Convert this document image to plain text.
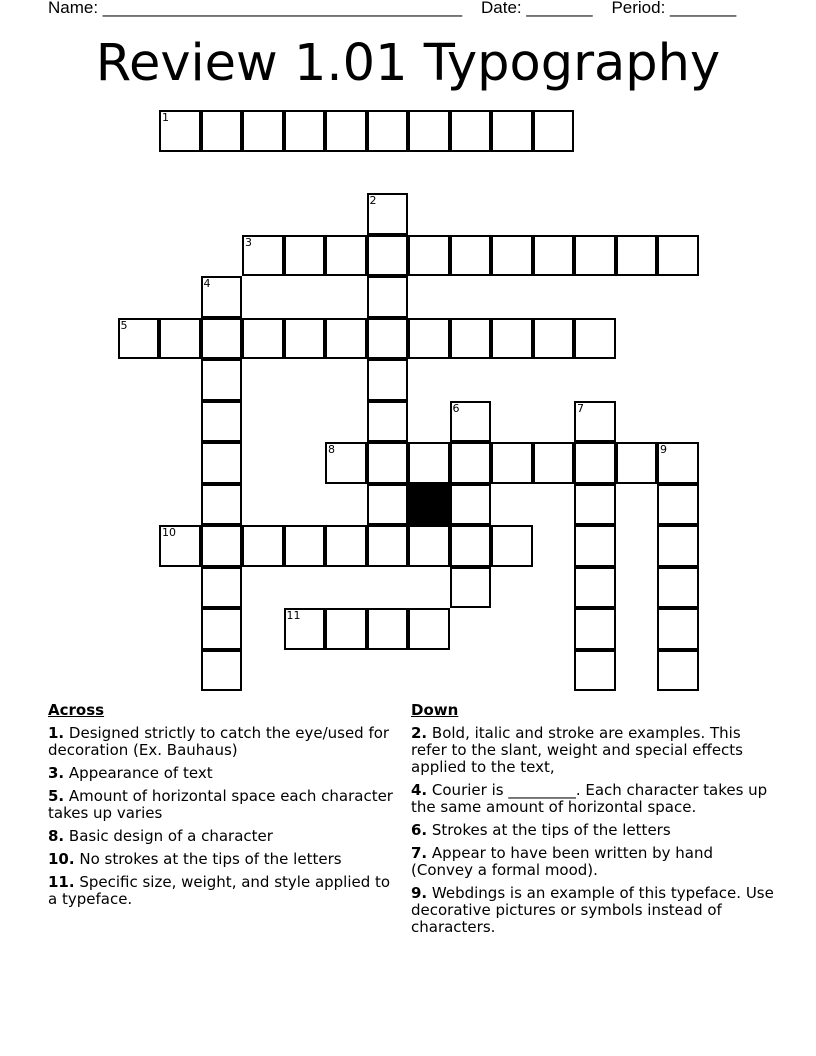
Name: ______________________________________ Date: _______ Period: _______
Review 1.01 Typography
1
2
3
4
5
6	7
8	9
10
11
Across
1. Designed strictly to catch the eye/used for decoration (Ex. Bauhaus)
3. Appearance of text
5. Amount of horizontal space each character takes up varies
8. Basic design of a character
10. No strokes at the tips of the letters
11. Specific size, weight, and style applied to a typeface.
Down
2. Bold, italic and stroke are examples. This refer to the slant, weight and special effects applied to the text,
4. Courier is _________. Each character takes up the same amount of horizontal space.
6. Strokes at the tips of the letters
7. Appear to have been written by hand (Convey a formal mood).
9. Webdings is an example of this typeface. Use decorative pictures or symbols instead of characters.
